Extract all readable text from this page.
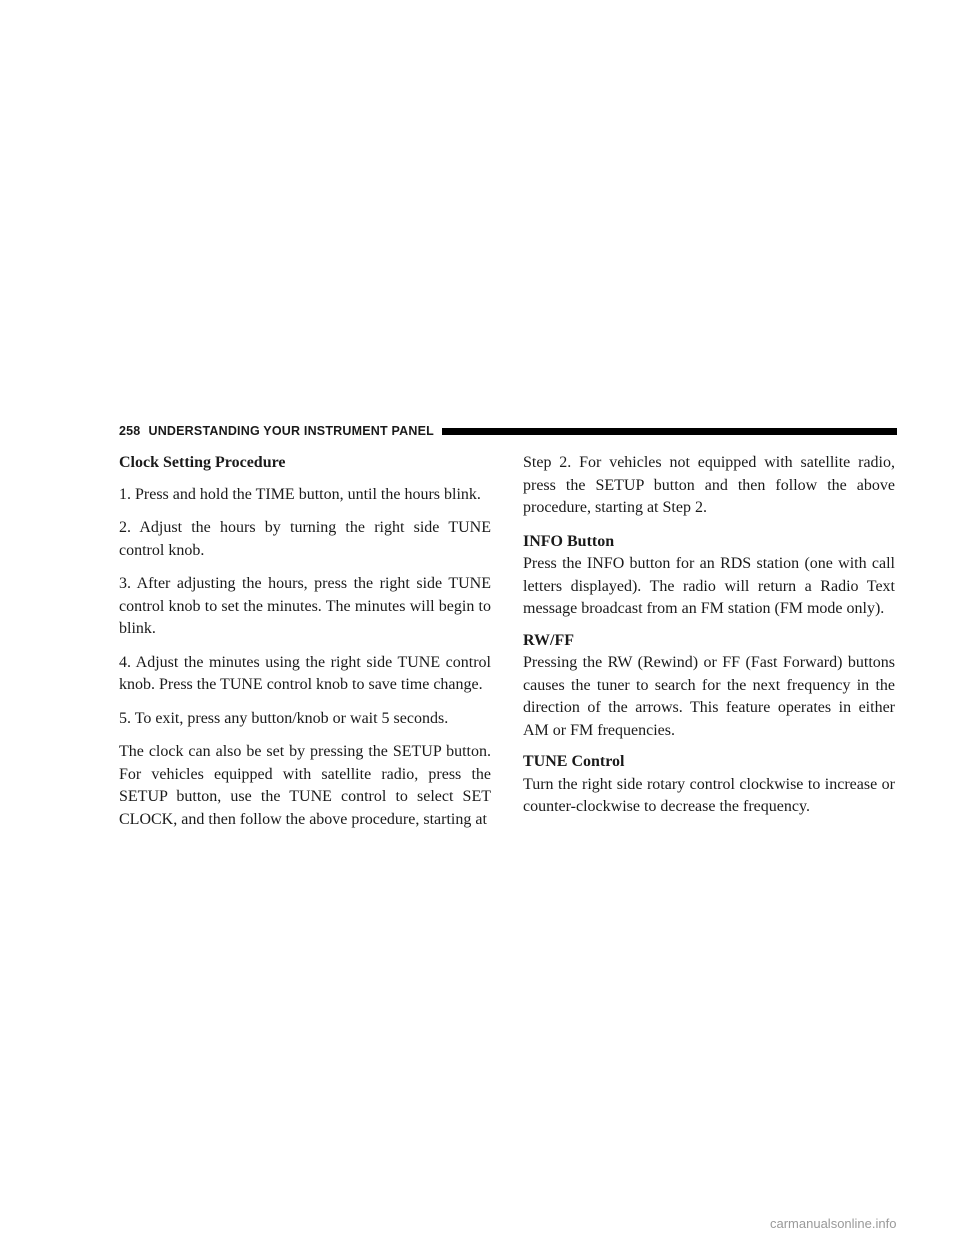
258 UNDERSTANDING YOUR INSTRUMENT PANEL

Clock Setting Procedure

1. Press and hold the TIME button, until the hours blink.

2. Adjust the hours by turning the right side TUNE control knob.

3. After adjusting the hours, press the right side TUNE control knob to set the minutes. The minutes will begin to blink.

4. Adjust the minutes using the right side TUNE control knob. Press the TUNE control knob to save time change.

5. To exit, press any button/knob or wait 5 seconds.

The clock can also be set by pressing the SETUP button. For vehicles equipped with satellite radio, press the SETUP button, use the TUNE control to select SET CLOCK, and then follow the above procedure, starting at

Step 2. For vehicles not equipped with satellite radio, press the SETUP button and then follow the above procedure, starting at Step 2.

INFO Button

Press the INFO button for an RDS station (one with call letters displayed). The radio will return a Radio Text message broadcast from an FM station (FM mode only).

RW/FF

Pressing the RW (Rewind) or FF (Fast Forward) buttons causes the tuner to search for the next frequency in the direction of the arrows. This feature operates in either AM or FM frequencies.

TUNE Control

Turn the right side rotary control clockwise to increase or counter-clockwise to decrease the frequency.

carmanualsonline.info
